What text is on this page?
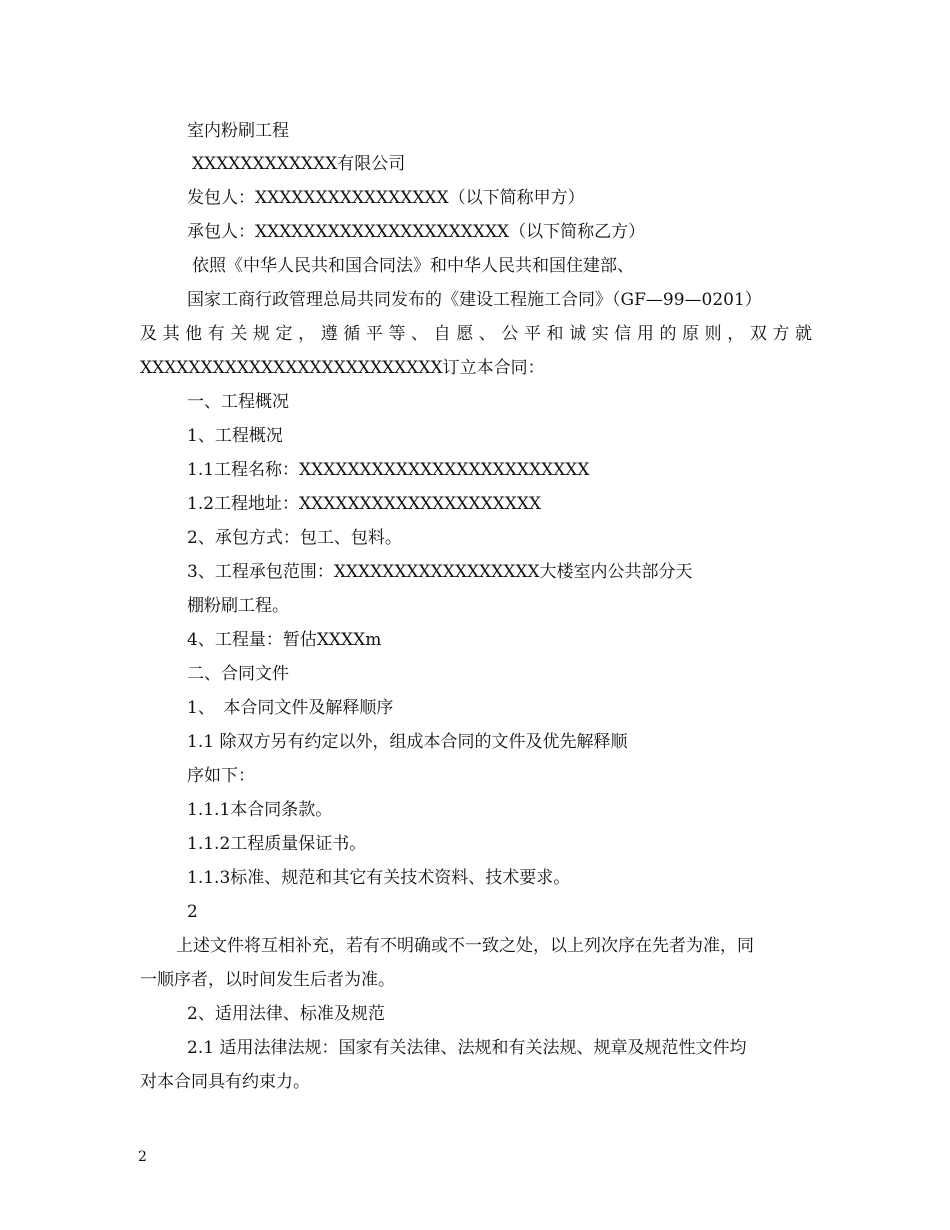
室内粉刷工程
XXXXXXXXXXXX有限公司
发包人：XXXXXXXXXXXXXXXX（以下简称甲方）
承包人：XXXXXXXXXXXXXXXXXXXXX（以下简称乙方）
依照《中华人民共和国合同法》和中华人民共和国住建部、
国家工商行政管理总局共同发布的《建设工程施工合同》（GF—99—0201）
及其他有关规定，遵循平等、自愿、公平和诚实信用的原则，双方就
XXXXXXXXXXXXXXXXXXXXXXXXX订立本合同：
一、工程概况
1、工程概况
1.1工程名称：XXXXXXXXXXXXXXXXXXXXXXXX
1.2工程地址：XXXXXXXXXXXXXXXXXXXX
2、承包方式：包工、包料。
3、工程承包范围：XXXXXXXXXXXXXXXXX大楼室内公共部分天
棚粉刷工程。
4、工程量：暂估XXXXm
二、合同文件
1、　本合同文件及解释顺序
1.1 除双方另有约定以外，组成本合同的文件及优先解释顺
序如下：
1.1.1本合同条款。
1.1.2工程质量保证书。
1.1.3标准、规范和其它有关技术资料、技术要求。
2
上述文件将互相补充，若有不明确或不一致之处，以上列次序在先者为准，同
一顺序者，以时间发生后者为准。
2、适用法律、标准及规范
2.1 适用法律法规：国家有关法律、法规和有关法规、规章及规范性文件均
对本合同具有约束力。
2
